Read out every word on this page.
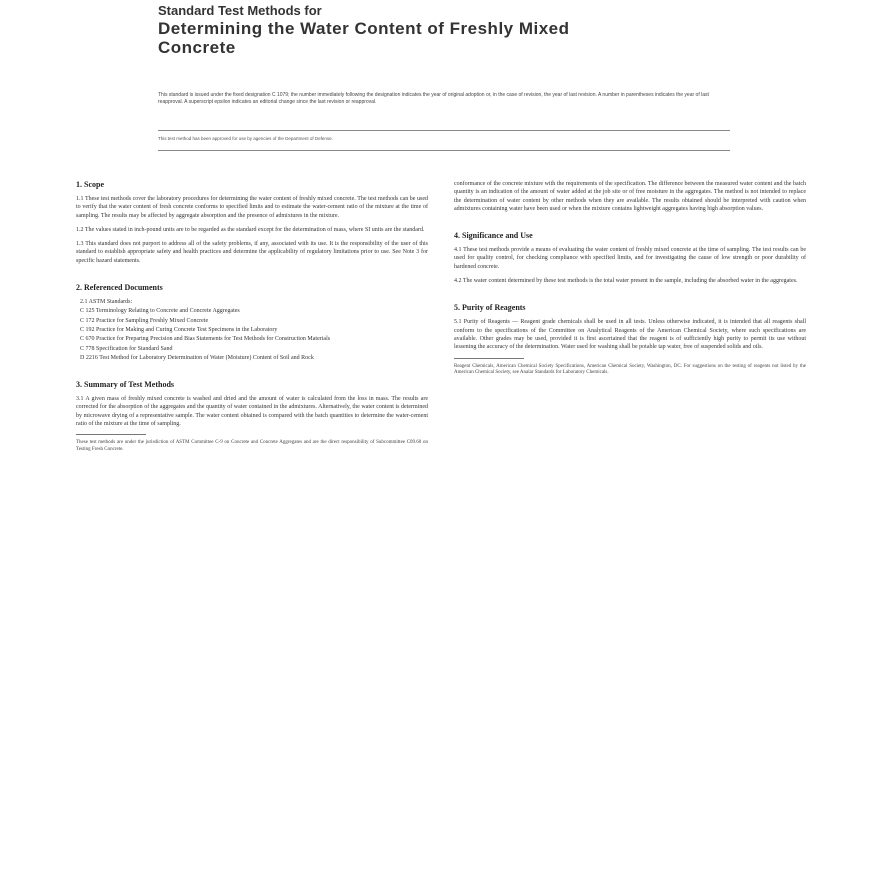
Standard Test Methods for

Determining the Water Content of Freshly Mixed

Concrete

This standard is issued under the fixed designation C 1079; the number immediately following the designation indicates the year of original adoption or, in the case of revision, the year of last revision. A number in parentheses indicates the year of last reapproval. A superscript epsilon indicates an editorial change since the last revision or reapproval.
This test method has been approved for use by agencies of the Department of Defense.

1. Scope

1.1 These test methods cover the laboratory procedures for determining the water content of freshly mixed concrete. The test methods can be used to verify that the water content of fresh concrete conforms to specified limits and to estimate the water-cement ratio of the mixture at the time of sampling. The results may be affected by aggregate absorption and the presence of admixtures in the mixture.

1.2 The values stated in inch-pound units are to be regarded as the standard except for the determination of mass, where SI units are the standard.

1.3 This standard does not purport to address all of the safety problems, if any, associated with its use. It is the responsibility of the user of this standard to establish appropriate safety and health practices and determine the applicability of regulatory limitations prior to use. See Note 3 for specific hazard statements.

2. Referenced Documents

2.1 ASTM Standards:
C 125 Terminology Relating to Concrete and Concrete Aggregates
C 172 Practice for Sampling Freshly Mixed Concrete
C 192 Practice for Making and Curing Concrete Test Specimens in the Laboratory
C 670 Practice for Preparing Precision and Bias Statements for Test Methods for Construction Materials
C 778 Specification for Standard Sand
D 2216 Test Method for Laboratory Determination of Water (Moisture) Content of Soil and Rock

3. Summary of Test Methods

3.1 A given mass of freshly mixed concrete is washed and dried and the amount of water is calculated from the loss in mass. The results are corrected for the absorption of the aggregates and the quantity of water contained in the admixtures. Alternatively, the water content is determined by microwave drying of a representative sample. The water content obtained is compared with the batch quantities to determine the water-cement ratio of the mixture at the time of sampling.

These test methods are under the jurisdiction of ASTM Committee C-9 on Concrete and Concrete Aggregates and are the direct responsibility of Subcommittee C09.60 on Testing Fresh Concrete.

conformance of the concrete mixture with the requirements of the specification. The difference between the measured water content and the batch quantity is an indication of the amount of water added at the job site or of free moisture in the aggregates. The method is not intended to replace the determination of water content by other methods when they are available. The results obtained should be interpreted with caution when admixtures containing water have been used or when the mixture contains lightweight aggregates having high absorption values.

4. Significance and Use

4.1 These test methods provide a means of evaluating the water content of freshly mixed concrete at the time of sampling. The test results can be used for quality control, for checking compliance with specified limits, and for investigating the cause of low strength or poor durability of hardened concrete.

4.2 The water content determined by these test methods is the total water present in the sample, including the absorbed water in the aggregates.

5. Purity of Reagents

5.1 Purity of Reagents — Reagent grade chemicals shall be used in all tests. Unless otherwise indicated, it is intended that all reagents shall conform to the specifications of the Committee on Analytical Reagents of the American Chemical Society, where such specifications are available. Other grades may be used, provided it is first ascertained that the reagent is of sufficiently high purity to permit its use without lessening the accuracy of the determination. Water used for washing shall be potable tap water, free of suspended solids and oils.

Reagent Chemicals, American Chemical Society Specifications, American Chemical Society, Washington, DC. For suggestions on the testing of reagents not listed by the American Chemical Society, see Analar Standards for Laboratory Chemicals.
